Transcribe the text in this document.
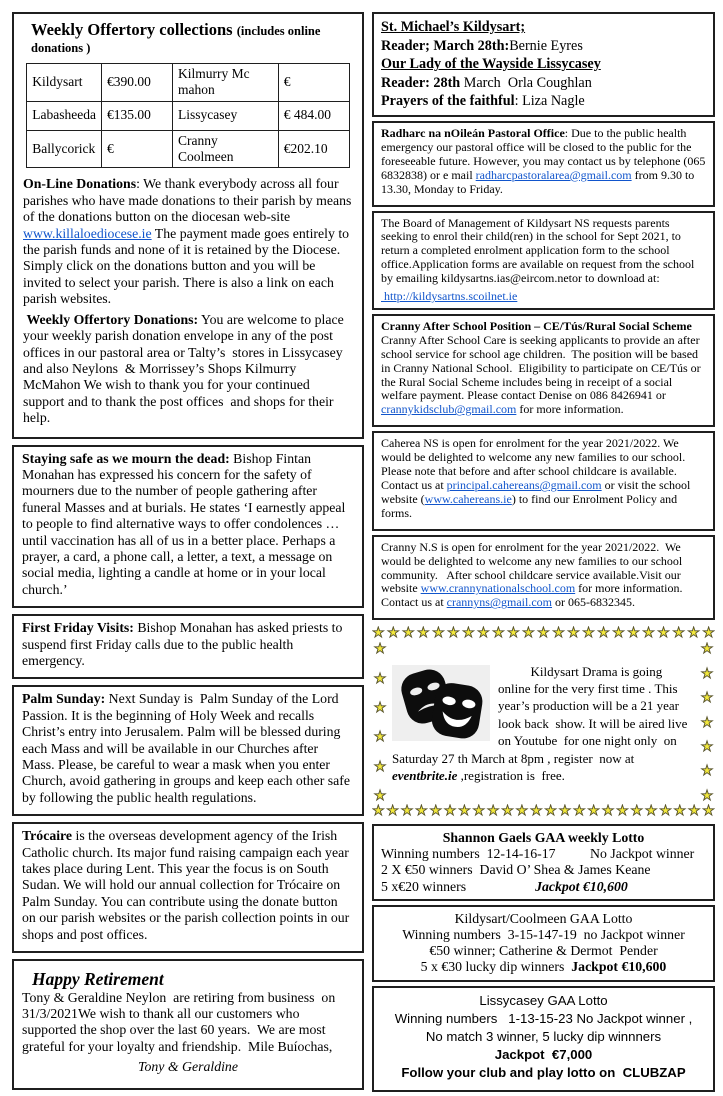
Weekly Offertory collections (includes online donations )
Kildysart	€390.00	Kilmurry Mc mahon	€
Labasheeda	€135.00	Lissycasey	€ 484.00
Ballycorick	€	Cranny Coolmeen	€202.10

On-Line Donations: We thank everybody across all four parishes who have made donations to their parish by means of the donations button on the diocesan web-site www.killaloediocese.ie The payment made goes entirely to the parish funds and none of it is retained by the Diocese. Simply click on the donations button and you will be invited to select your parish. There is also a link on each parish websites.

Weekly Offertory Donations: You are welcome to place your weekly parish donation envelope in any of the post offices in our pastoral area or Talty’s  stores in Lissycasey  and also Neylons  & Morrissey’s Shops Kilmurry McMahon We wish to thank you for your continued support and to thank the post offices  and shops for their help.

Staying safe as we mourn the dead: Bishop Fintan Monahan has expressed his concern for the safety of mourners due to the number of people gathering after funeral Masses and at burials. He states ‘I earnestly appeal to people to find alternative ways to offer condolences … until vaccination has all of us in a better place. Perhaps a prayer, a card, a phone call, a letter, a text, a message on social media, lighting a candle at home or in your local church.’

First Friday Visits: Bishop Monahan has asked priests to suspend first Friday calls due to the public health emergency.

Palm Sunday: Next Sunday is  Palm Sunday of the Lord Passion. It is the beginning of Holy Week and recalls Christ’s entry into Jerusalem. Palm will be blessed during each Mass and will be available in our Churches after Mass. Please, be careful to wear a mask when you enter Church, avoid gathering in groups and keep each other safe by following the public health regulations.

Trócaire is the overseas development agency of the Irish Catholic church. Its major fund raising campaign each year takes place during Lent. This year the focus is on South Sudan. We will hold our annual collection for Trócaire on Palm Sunday. You can contribute using the donate button on our parish websites or the parish collection points in our shops and post offices.

Happy Retirement

Tony & Geraldine Neylon  are retiring from business  on 31/3/2021We wish to thank all our customers who supported the shop over the last 60 years.  We are most grateful for your loyalty and friendship.  Mile Buíochas,

Tony & Geraldine
St. Michael’s Kildysart;
Reader; March 28th:Bernie Eyres
Our Lady of the Wayside Lissycasey
Reader: 28th March  Orla Coughlan
Prayers of the faithful: Liza Nagle

Radharc na nOileán Pastoral Office: Due to the public health emergency our pastoral office will be closed to the public for the foreseeable future. However, you may contact us by telephone (065 6832838) or e mail radharcpastoralarea@gmail.com from 9.30 to 13.30, Monday to Friday.

The Board of Management of Kildysart NS requests parents seeking to enrol their child(ren) in the school for Sept 2021, to return a completed enrolment application form to the school office.Application forms are available on request from the school by emailing kildysartns.ias@eircom.netor to download at:

http://kildysartns.scoilnet.ie
Cranny After School Position – CE/Tús/Rural Social Scheme

Cranny After School Care is seeking applicants to provide an after school service for school age children.  The position will be based in Cranny National School.  Eligibility to participate on CE/Tús or the Rural Social Scheme includes being in receipt of a social welfare payment. Please contact Denise on 086 8426941 or crannykidsclub@gmail.com for more information.

Caherea NS is open for enrolment for the year 2021/2022. We would be delighted to welcome any new families to our school. Please note that before and after school childcare is available. Contact us at principal.cahereans@gmail.com or visit the school website (www.cahereans.ie) to find our Enrolment Policy and forms.

Cranny N.S is open for enrolment for the year 2021/2022.  We would be delighted to welcome any new families to our school community.   After school childcare service available.Visit our website www.crannynationalschool.com for more information. Contact us at crannyns@gmail.com or 065-6832345.

★ ★ ★ ★ ★ ★ ★ ★ ★ ★ ★ ★ ★ ★ ★ ★ ★ ★ ★ ★ ★ ★ ★
★
★
★
★
★
★

Kildysart Drama is going online for the very first time . This year’s production will be a 21 year look back  show. It will be aired live on Youtube  for one night only  on Saturday 27 th March at 8pm , register  now at eventbrite.ie ,registration is  free.

★
★
★
★
★
★
★
★ ★ ★ ★ ★ ★ ★ ★ ★ ★ ★ ★ ★ ★ ★ ★ ★ ★ ★ ★ ★ ★ ★ ★
Shannon Gaels GAA weekly Lotto
Winning numbers  12-14-16-17          No Jackpot winner
2 X €50 winners  David O’ Shea & James Keane
5 x€20 winners                    Jackpot €10,600
Kildysart/Coolmeen GAA Lotto
Winning numbers  3-15-147-19  no Jackpot winner
€50 winner; Catherine & Dermot  Pender
5 x €30 lucky dip winners  Jackpot €10,600
Lissycasey GAA Lotto
Winning numbers   1-13-15-23 No Jackpot winner ,
No match 3 winner, 5 lucky dip winnners
Jackpot  €7,000
Follow your club and play lotto on  CLUBZAP
